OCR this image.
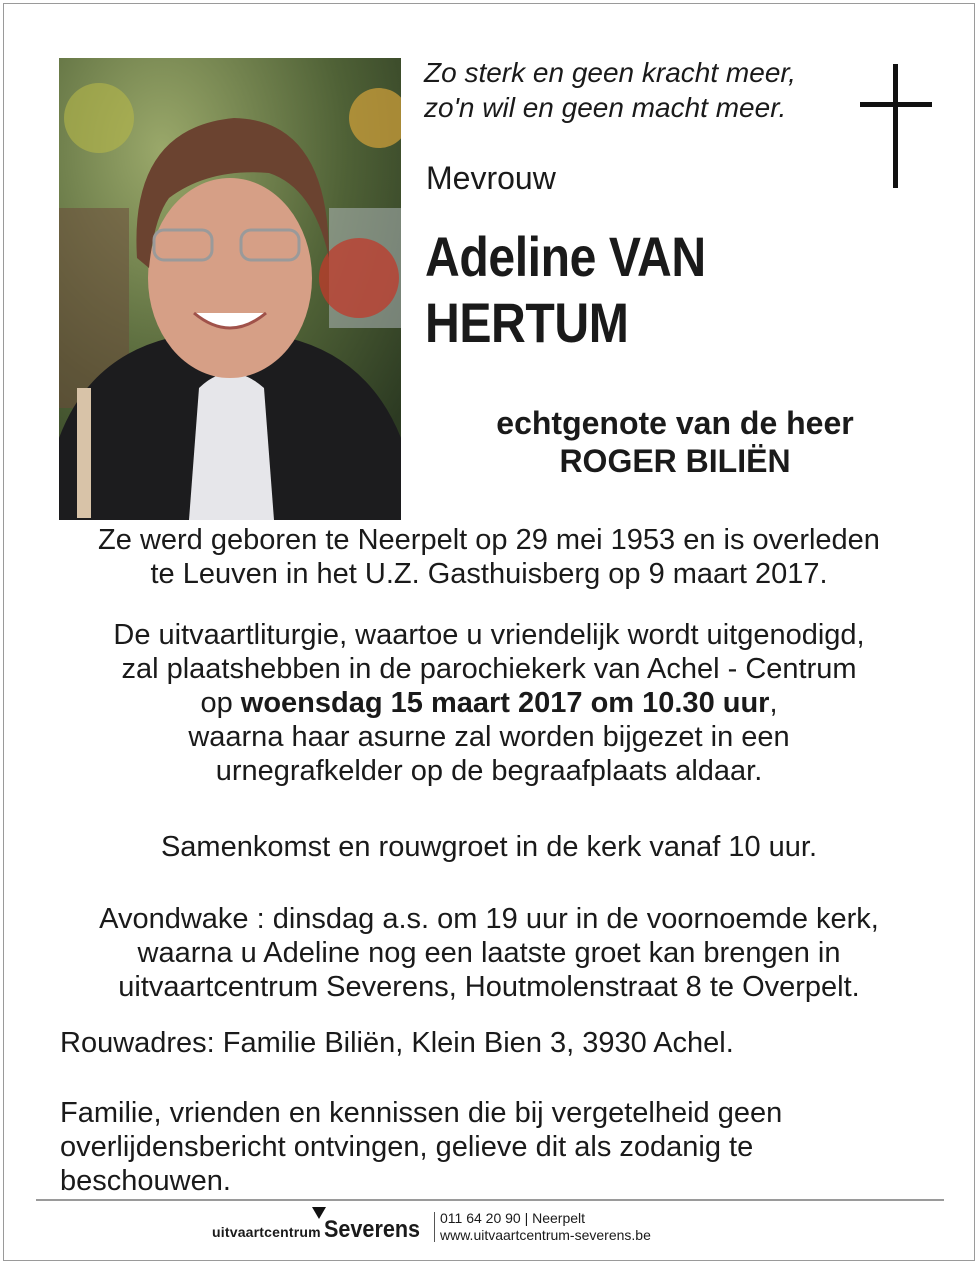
Zo sterk en geen kracht meer,
zo'n wil en geen macht meer.
Mevrouw
Adeline VAN
HERTUM
echtgenote van de heer
ROGER BILIËN
Ze werd geboren te Neerpelt op 29 mei 1953 en is overleden
te Leuven in het U.Z. Gasthuisberg op 9 maart 2017.
De uitvaartliturgie, waartoe u vriendelijk wordt uitgenodigd,
zal plaatshebben in de parochiekerk van Achel - Centrum
op woensdag 15 maart 2017 om 10.30 uur,
waarna haar asurne zal worden bijgezet in een
urnegrafkelder op de begraafplaats aldaar.
Samenkomst en rouwgroet in de kerk vanaf 10 uur.
Avondwake : dinsdag a.s. om 19 uur in de voornoemde kerk,
waarna u Adeline nog een laatste groet kan brengen in
uitvaartcentrum Severens, Houtmolenstraat 8 te Overpelt.
Rouwadres: Familie Biliën, Klein Bien 3, 3930 Achel.
Familie, vrienden en kennissen die bij vergetelheid geen
overlijdensbericht ontvingen, gelieve dit als zodanig te
beschouwen.
uitvaartcentrum Severens 011 64 20 90 | Neerpelt
www.uitvaartcentrum-severens.be
